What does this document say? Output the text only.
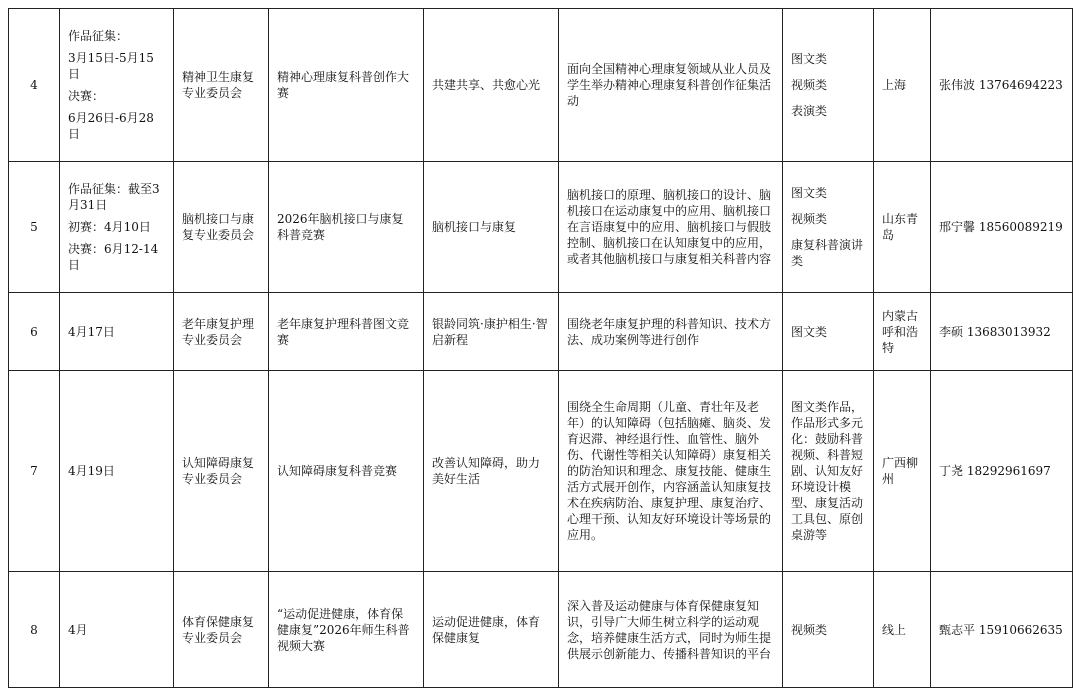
4	作品征集：
3月15日-5月15日
决赛：
6月26日-6月28日	精神卫生康复专业委员会	精神心理康复科普创作大赛	共建共享、共愈心光	面向全国精神心理康复领域从业人员及学生举办精神心理康复科普创作征集活动	图文类
视频类
表演类	上海	张伟波 13764694223
5	作品征集：截至3月31日
初赛：4月10日
决赛：6月12-14日	脑机接口与康复专业委员会	2026年脑机接口与康复科普竞赛	脑机接口与康复	脑机接口的原理、脑机接口的设计、脑机接口在运动康复中的应用、脑机接口在言语康复中的应用、脑机接口与假肢控制、脑机接口在认知康复中的应用，或者其他脑机接口与康复相关科普内容	图文类
视频类
康复科普演讲类	山东青岛	邢宁馨 18560089219
6	4月17日	老年康复护理专业委员会	老年康复护理科普图文竞赛	银龄同筑·康护相生·智启新程	围绕老年康复护理的科普知识、技术方法、成功案例等进行创作	图文类	内蒙古呼和浩特	李硕 13683013932
7	4月19日	认知障碍康复专业委员会	认知障碍康复科普竞赛	改善认知障碍，助力美好生活	围绕全生命周期（儿童、青壮年及老年）的认知障碍（包括脑瘫、脑炎、发育迟滞、神经退行性、血管性、脑外伤、代谢性等相关认知障碍）康复相关的防治知识和理念、康复技能、健康生活方式展开创作，内容涵盖认知康复技术在疾病防治、康复护理、康复治疗、心理干预、认知友好环境设计等场景的应用。	图文类作品，作品形式多元化：鼓励科普视频、科普短剧、认知友好环境设计模型、康复活动工具包、原创桌游等	广西柳州	丁尧 18292961697
8	4月	体育保健康复专业委员会	“运动促进健康，体育保健康复”2026年师生科普视频大赛	运动促进健康，体育保健康复	深入普及运动健康与体育保健康复知识，引导广大师生树立科学的运动观念，培养健康生活方式，同时为师生提供展示创新能力、传播科普知识的平台	视频类	线上	甄志平 15910662635
